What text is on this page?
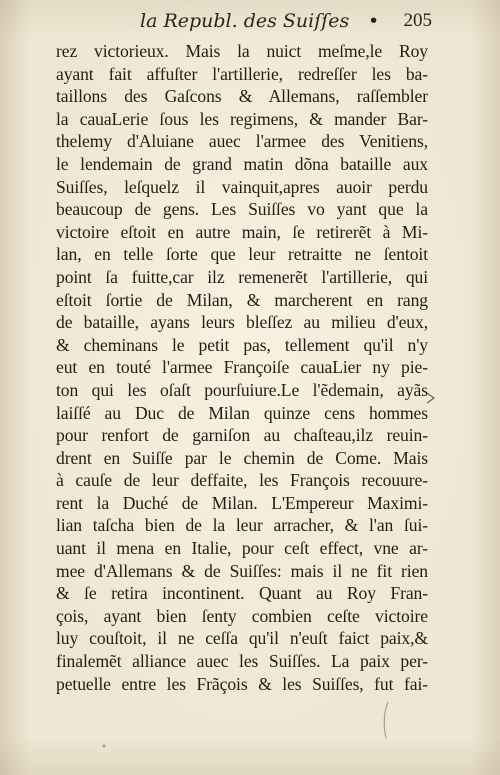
la Republ. des Suiſſes • 205
rez victorieux. Mais la nuict meſme,le Roy
ayant fait affuſter l'artillerie, redreſſer les ba-
taillons des Gaſcons & Allemans, raſſembler
la cauaLerie ſous les regimens, & mander Bar-
thelemy d'Aluiane auec l'armee des Venitiens,
le lendemain de grand matin dõna bataille aux
Suiſſes, leſquelz il vainquit,apres auoir perdu
beaucoup de gens. Les Suiſſes vo yant que la
victoire eſtoit en autre main, ſe retirerẽt à Mi-
lan, en telle ſorte que leur retraitte ne ſentoit
point ſa fuitte,car ilz remenerẽt l'artillerie, qui
eſtoit ſortie de Milan, & marcherent en rang
de bataille, ayans leurs bleſſez au milieu d'eux,
& cheminans le petit pas, tellement qu'il n'y
eut en touté l'armee Françoiſe cauaLier ny pie-
ton qui les oſaſt pourſuiure.Le l'ẽdemain, ayãs
laiſſé au Duc de Milan quinze cens hommes
pour renfort de garniſon au chaſteau,ilz reuin-
drent en Suiſſe par le chemin de Come. Mais
à cauſe de leur deffaite, les François recouure-
rent la Duché de Milan. L'Empereur Maximi-
lian taſcha bien de la leur arracher, & l'an ſui-
uant il mena en Italie, pour ceſt effect, vne ar-
mee d'Allemans & de Suiſſes: mais il ne fit rien
& ſe retira incontinent. Quant au Roy Fran-
çois, ayant bien ſenty combien ceſte victoire
luy couſtoit, il ne ceſſa qu'il n'euſt faict paix,&
finalemẽt alliance auec les Suiſſes. La paix per-
petuelle entre les Frãçois & les Suiſſes, fut fai-
